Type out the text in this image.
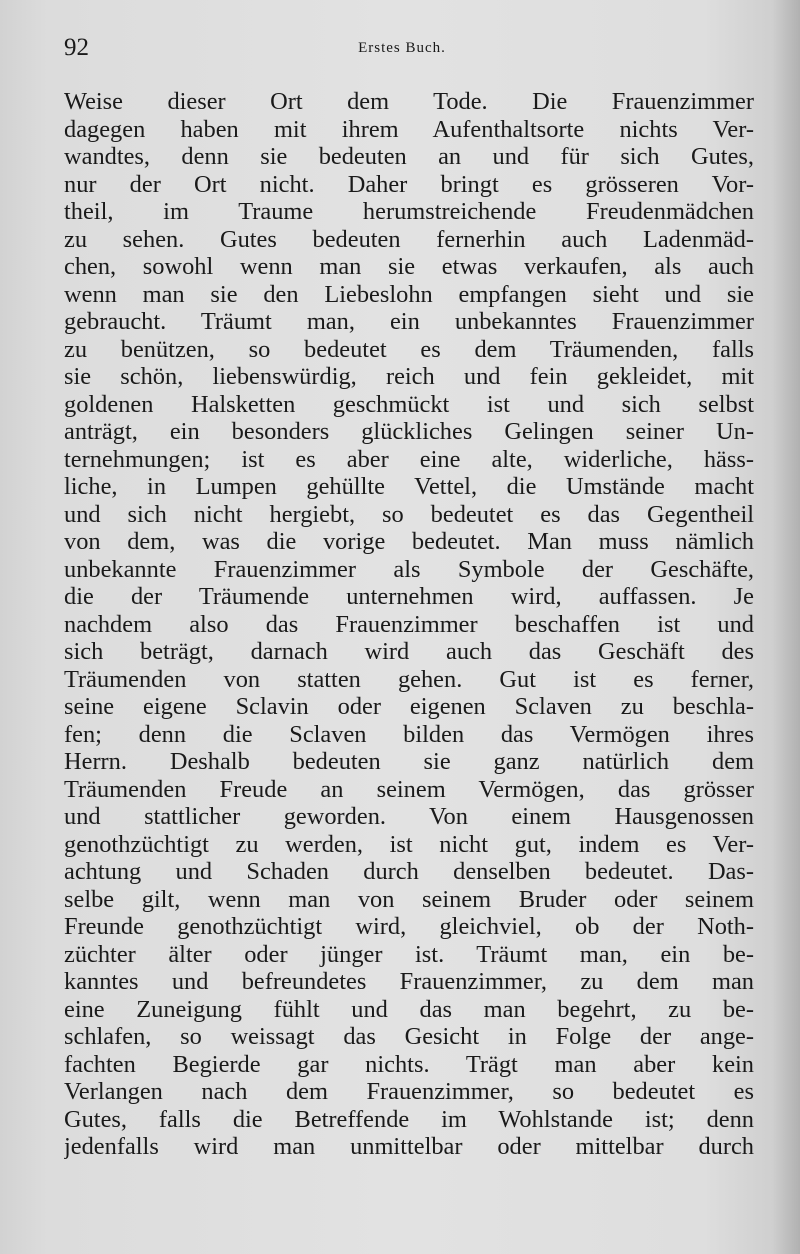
92	Erstes Buch.
Weise dieser Ort dem Tode. Die Frauenzimmer
dagegen haben mit ihrem Aufenthaltsorte nichts Ver-
wandtes, denn sie bedeuten an und für sich Gutes,
nur der Ort nicht. Daher bringt es grösseren Vor-
theil, im Traume herumstreichende Freudenmädchen
zu sehen. Gutes bedeuten fernerhin auch Ladenmäd-
chen, sowohl wenn man sie etwas verkaufen, als auch
wenn man sie den Liebeslohn empfangen sieht und sie
gebraucht. Träumt man, ein unbekanntes Frauenzimmer
zu benützen, so bedeutet es dem Träumenden, falls
sie schön, liebenswürdig, reich und fein gekleidet, mit
goldenen Halsketten geschmückt ist und sich selbst
anträgt, ein besonders glückliches Gelingen seiner Un-
ternehmungen; ist es aber eine alte, widerliche, häss-
liche, in Lumpen gehüllte Vettel, die Umstände macht
und sich nicht hergiebt, so bedeutet es das Gegentheil
von dem, was die vorige bedeutet. Man muss nämlich
unbekannte Frauenzimmer als Symbole der Geschäfte,
die der Träumende unternehmen wird, auffassen. Je
nachdem also das Frauenzimmer beschaffen ist und
sich beträgt, darnach wird auch das Geschäft des
Träumenden von statten gehen. Gut ist es ferner,
seine eigene Sclavin oder eigenen Sclaven zu beschla-
fen; denn die Sclaven bilden das Vermögen ihres
Herrn. Deshalb bedeuten sie ganz natürlich dem
Träumenden Freude an seinem Vermögen, das grösser
und stattlicher geworden. Von einem Hausgenossen
genothzüchtigt zu werden, ist nicht gut, indem es Ver-
achtung und Schaden durch denselben bedeutet. Das-
selbe gilt, wenn man von seinem Bruder oder seinem
Freunde genothzüchtigt wird, gleichviel, ob der Noth-
züchter älter oder jünger ist. Träumt man, ein be-
kanntes und befreundetes Frauenzimmer, zu dem man
eine Zuneigung fühlt und das man begehrt, zu be-
schlafen, so weissagt das Gesicht in Folge der ange-
fachten Begierde gar nichts. Trägt man aber kein
Verlangen nach dem Frauenzimmer, so bedeutet es
Gutes, falls die Betreffende im Wohlstande ist; denn
jedenfalls wird man unmittelbar oder mittelbar durch
